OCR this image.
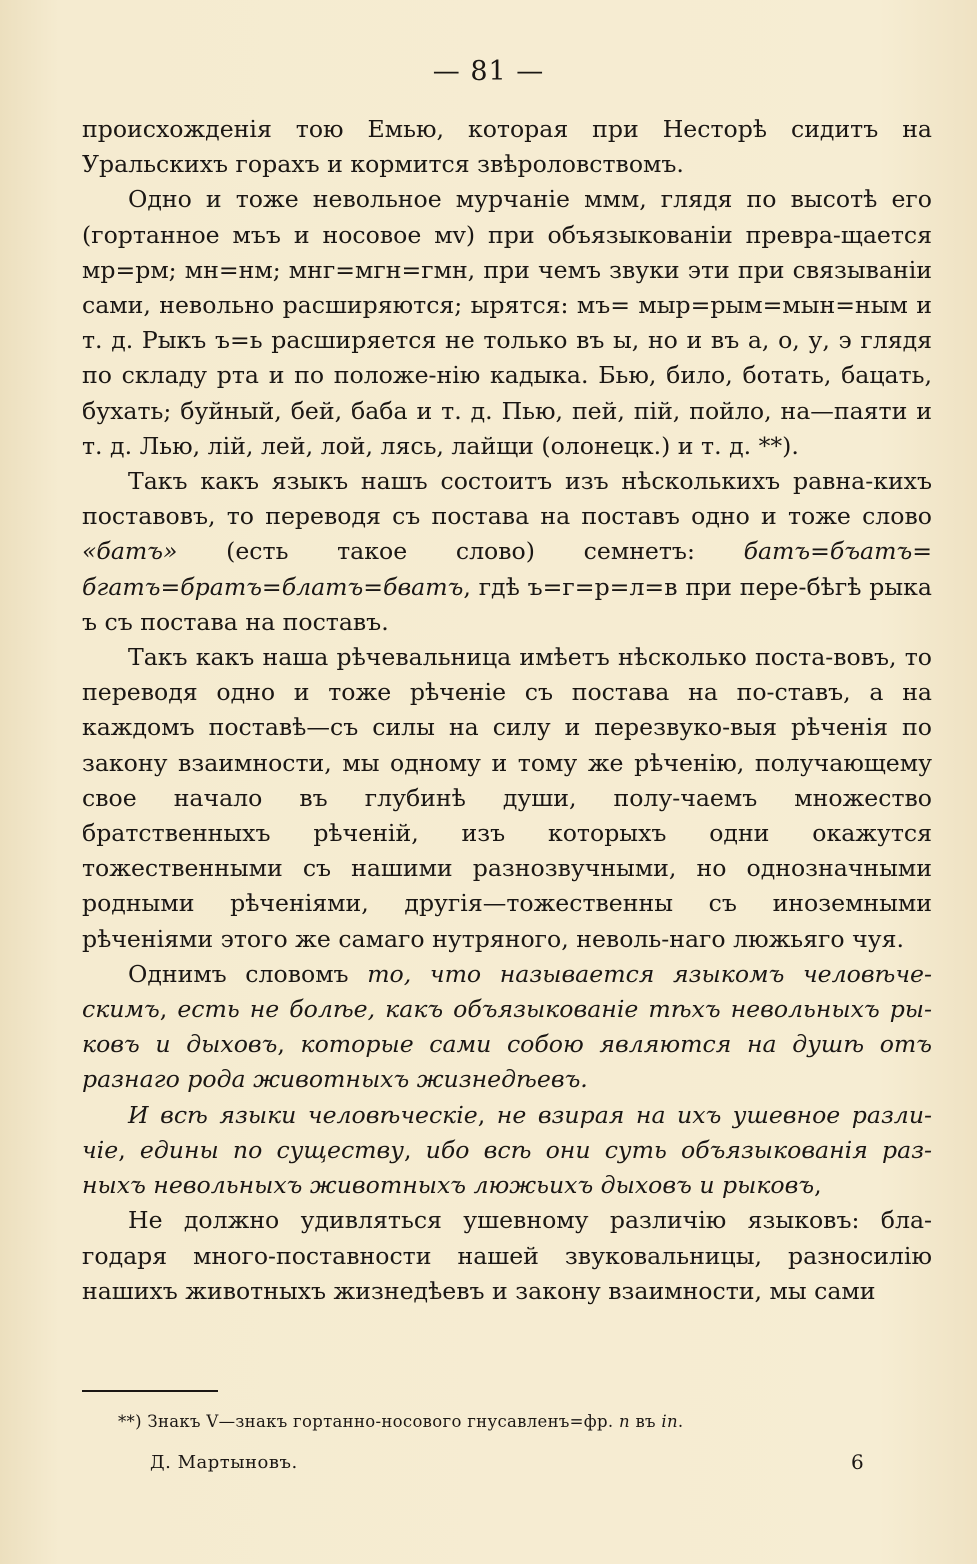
— 81 —

происхожденія тою Емью, которая при Несторѣ сидитъ на Уральскихъ горахъ и кормится звѣроловствомъ.

Одно и тоже невольное мурчаніе ммм, глядя по высотѣ его (гортанное мъъ и носовое мv) при объязыкованіи превра-щается мр=рм; мн=нм; мнг=мгн=гмн, при чемъ звуки эти при связываніи сами, невольно расширяются; ырятся: мъ= мыр=рым=мын=ным и т. д. Рыкъ ъ=ь расширяется не только въ ы, но и въ а, о, у, э глядя по складу рта и по положе-нію кадыка. Бью, било, ботать, бацать, бухать; буйный, бей, баба и т. д. Пью, пей, пій, пойло, на—паяти и т. д. Лью, лій, лей, лой, лясь, лайщи (олонецк.) и т. д. **).

Такъ какъ языкъ нашъ состоитъ изъ нѣсколькихъ равна-кихъ поставовъ, то переводя съ постава на поставъ одно и тоже слово «батъ» (есть такое слово) семнетъ: батъ=бъатъ= бгатъ=братъ=блатъ=бватъ, гдѣ ъ=г=р=л=в при пере-бѣгѣ рыка ъ съ постава на поставъ.

Такъ какъ наша рѣчевальница имѣетъ нѣсколько поста-вовъ, то переводя одно и тоже рѣченіе съ постава на по-ставъ, а на каждомъ поставѣ—съ силы на силу и перезвуко-выя рѣченія по закону взаимности, мы одному и тому же рѣченію, получающему свое начало въ глубинѣ души, полу-чаемъ множество братственныхъ рѣченій, изъ которыхъ одни окажутся тожественными съ нашими разнозвучными, но однозначными родными рѣченіями, другія—тожественны съ иноземными рѣченіями этого же самаго нутряного, неволь-наго люжьяго чуя.

Однимъ словомъ то, что называется языкомъ человѣче-скимъ, есть не болѣе, какъ объязыкованіе тѣхъ невольныхъ ры-ковъ и дыховъ, которые сами собою являются на душѣ отъ разнаго рода животныхъ жизнедѣевъ.

И всѣ языки человѣческіе, не взирая на ихъ ушевное разли-чіе, едины по существу, ибо всѣ они суть объязыкованія раз-ныхъ невольныхъ животныхъ люжьихъ дыховъ и рыковъ,

Не должно удивляться ушевному различію языковъ: бла-годаря много-поставности нашей звуковальницы, разносилію нашихъ животныхъ жизнедѣевъ и закону взаимности, мы сами

**) Знакъ V—знакъ гортанно-носового гнусавленъ=фр. n въ in.
Д. Мартыновъ.	6
